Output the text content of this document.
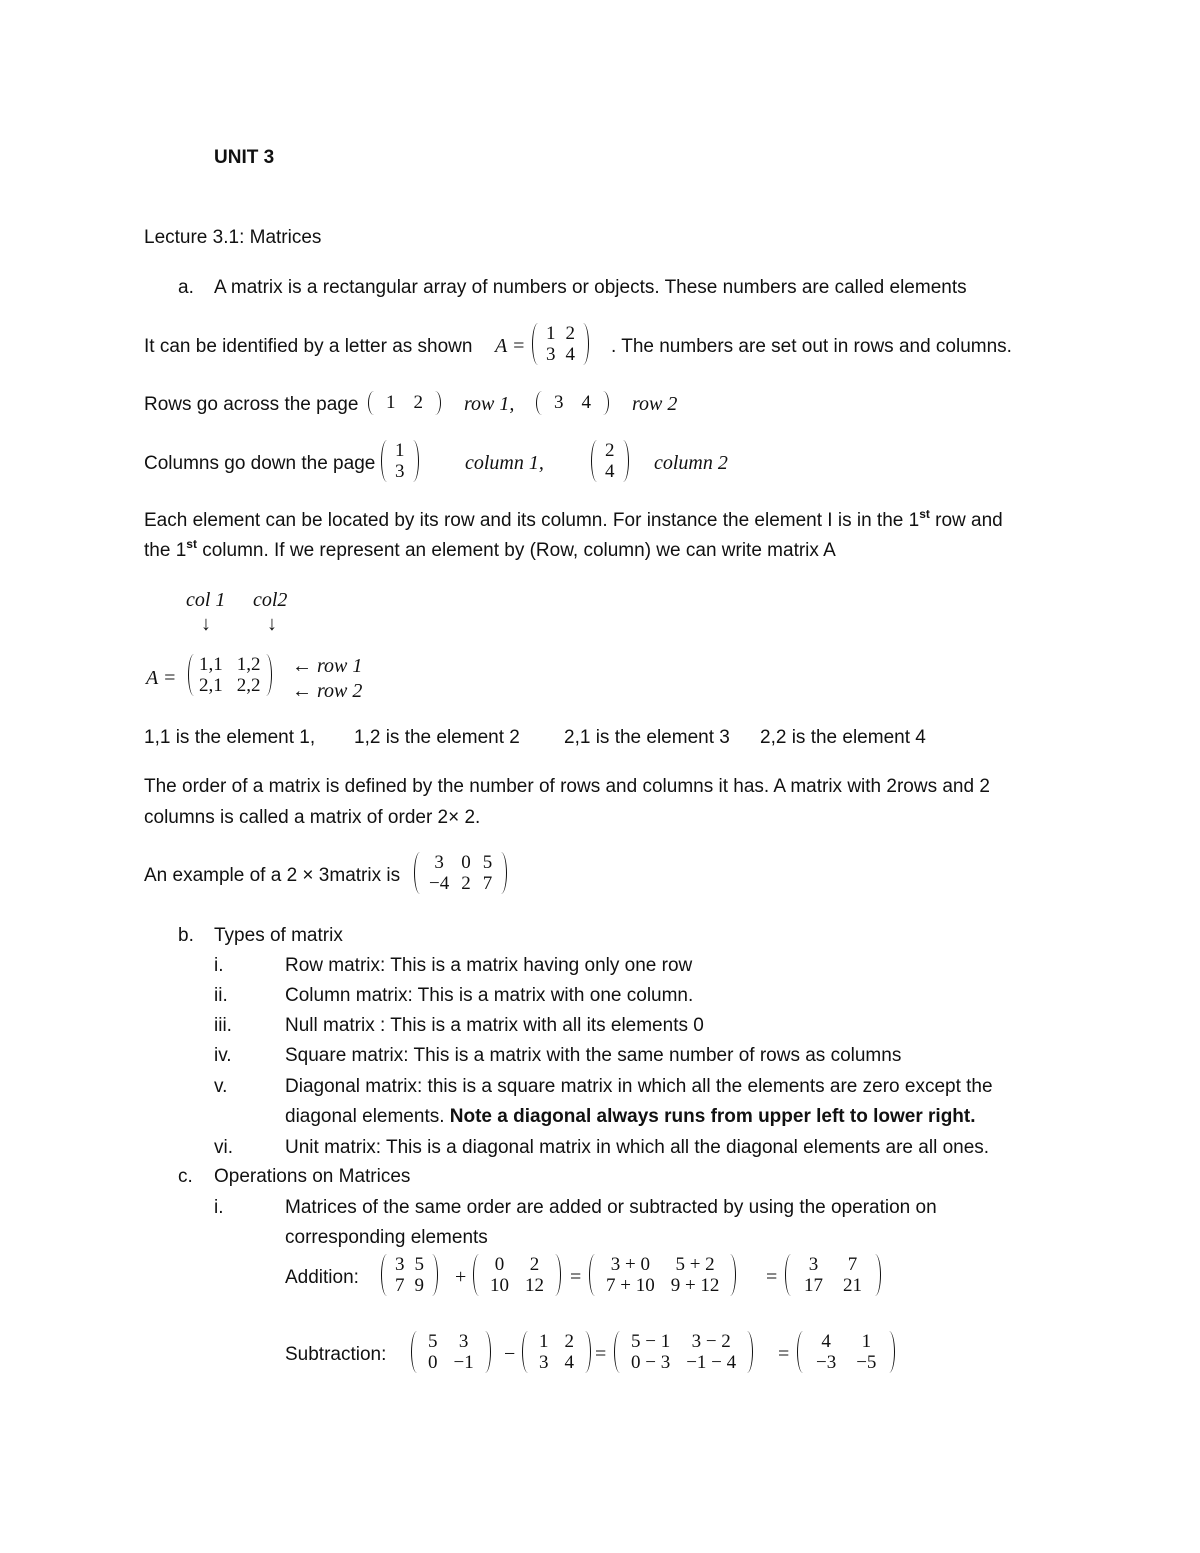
UNIT 3
Lecture 3.1: Matrices
a. A matrix is a rectangular array of numbers or objects. These numbers are called elements
It can be identified by a letter as shown A =
1	2
3	4 . The numbers are set out in rows and columns.
Rows go across the page 1	2 row 1, 3	4 row 2
Columns go down the page
1
3	column 1,
2
4 column 2
Each element can be located by its row and its column. For instance the element I is in the 1st row and
the 1st column. If we represent an element by (Row, column) we can write matrix A
col 1 col2
↓	↓
A =
1,1	1,2
2,1	2,2
← row 1
← row 2
1,1 is the element 1, 1,2 is the element 2 2,1 is the element 3 2,2 is the element 4
The order of a matrix is defined by the number of rows and columns it has. A matrix with 2rows and 2
columns is called a matrix of order 2× 2.
An example of a 2 × 3matrix is
3	0	5
−4	2	7
b. Types of matrix
i.	Row matrix: This is a matrix having only one row
ii.	Column matrix: This is a matrix with one column.
iii.	Null matrix : This is a matrix with all its elements 0
iv.	Square matrix: This is a matrix with the same number of rows as columns
v.	Diagonal matrix: this is a square matrix in which all the elements are zero except the
diagonal elements. Note a diagonal always runs from upper left to lower right.
vi.	Unit matrix: This is a diagonal matrix in which all the diagonal elements are all ones.
c. Operations on Matrices
i.	Matrices of the same order are added or subtracted by using the operation on
corresponding elements
Addition:
3	5
7	9 +
0	2
10	12 =
3 + 0	5 + 2
7 + 10	9 + 12 =
3	7
17	21
Subtraction:
5	3
0	−1 −
1	2
3	4 =
5 − 1	3 − 2
0 − 3	−1 − 4 =
4	1
−3	−5
